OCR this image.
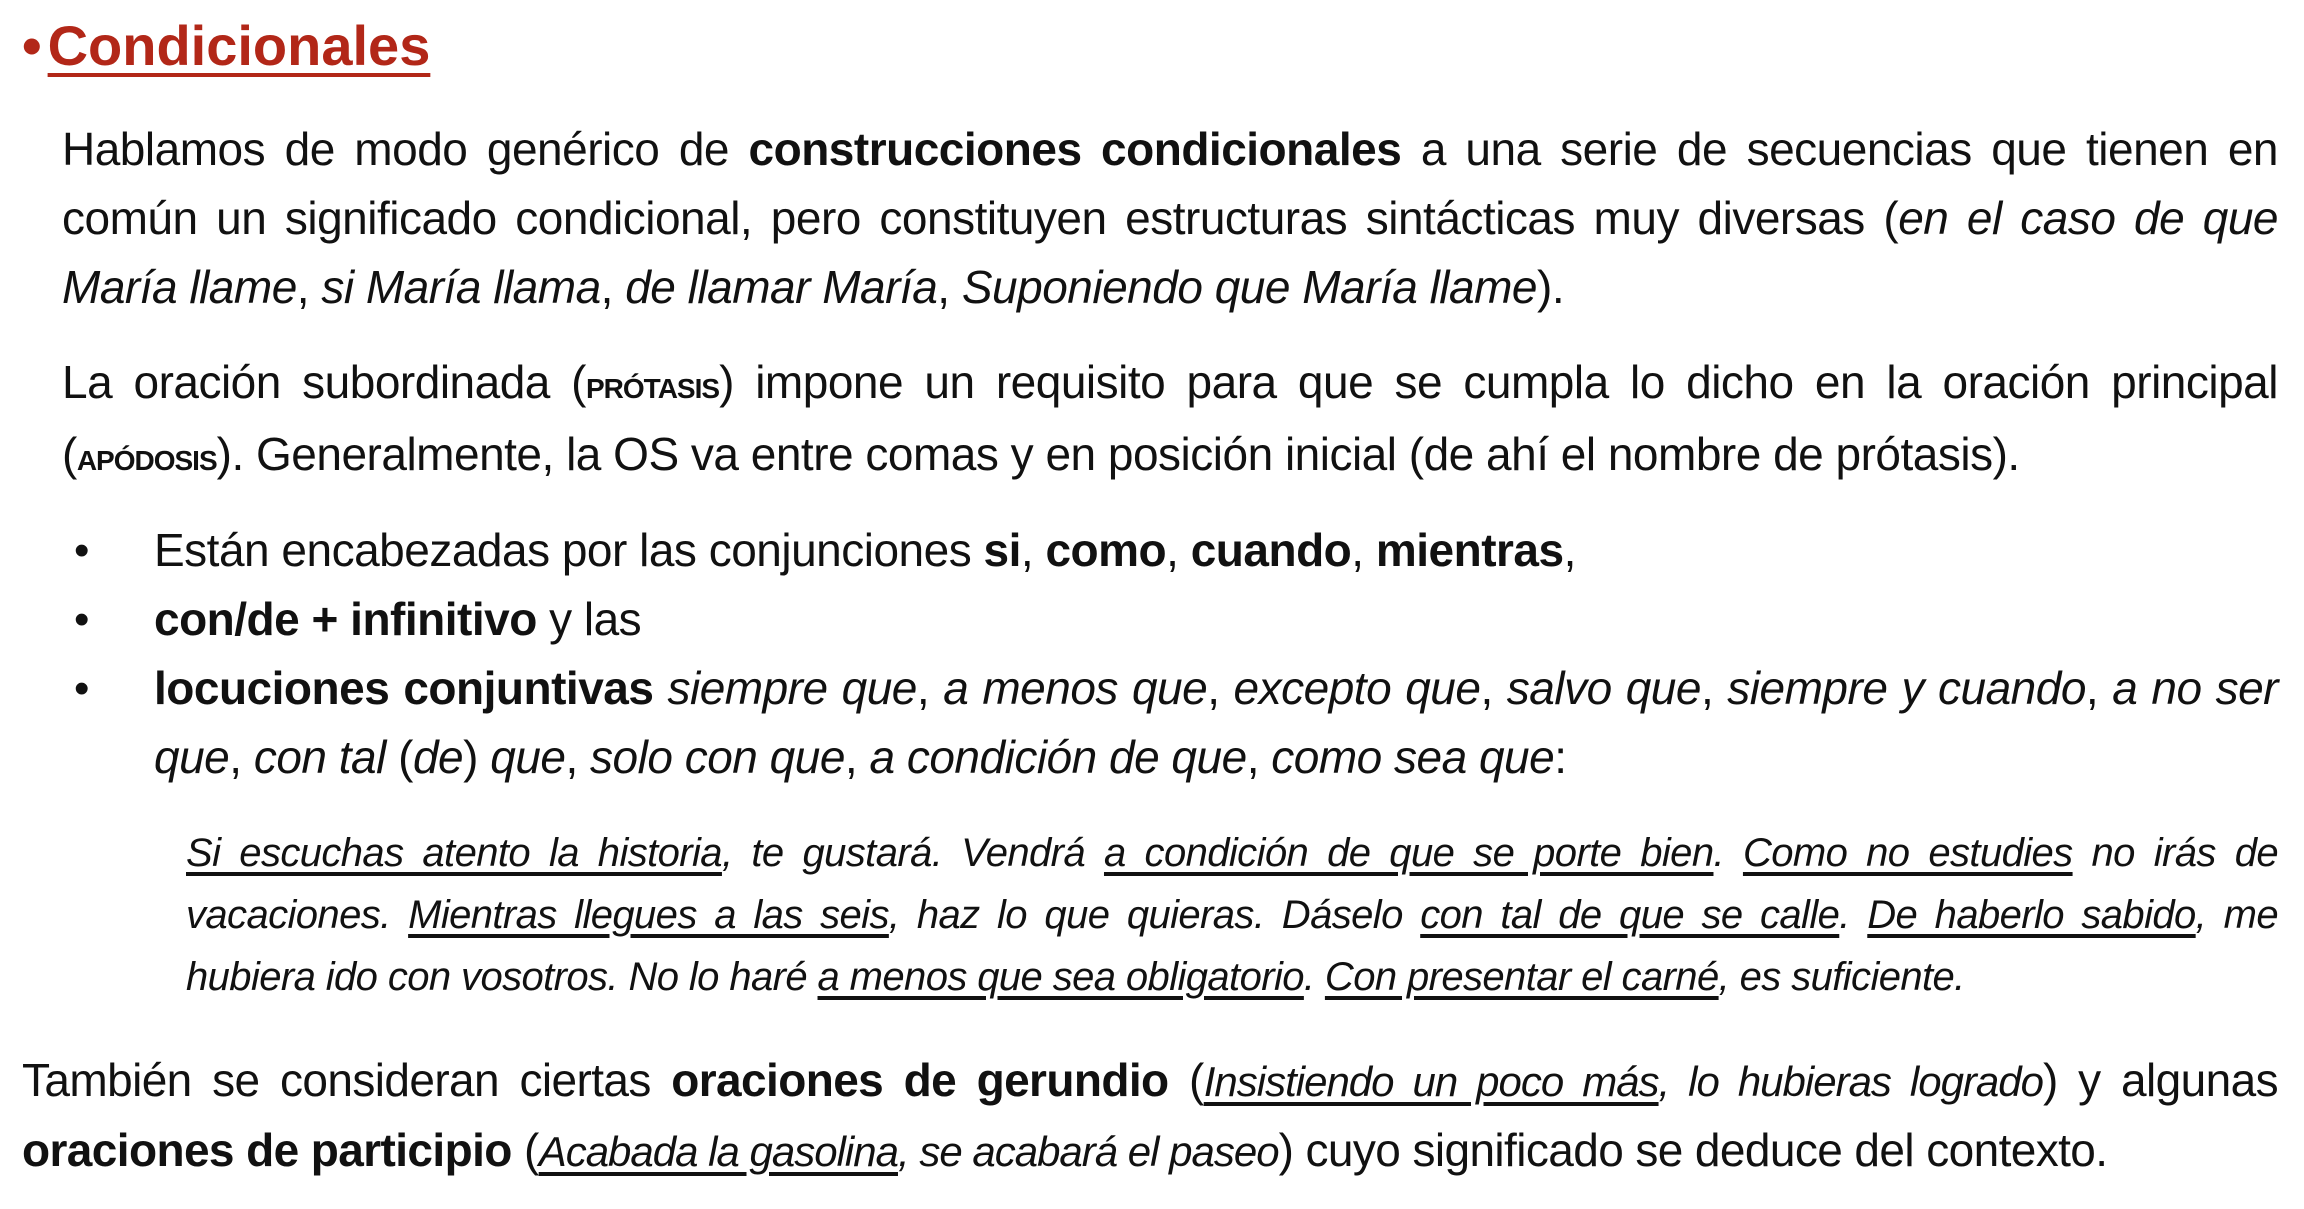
• Condicionales
Hablamos de modo genérico de construcciones condicionales a una serie de secuencias que tienen en común un significado condicional, pero constituyen estructuras sintácticas muy diversas (en el caso de que María llame, si María llama, de llamar María, Suponiendo que María llame).
La oración subordinada (prótasis) impone un requisito para que se cumpla lo dicho en la oración principal (apódosis). Generalmente, la OS va entre comas y en posición inicial (de ahí el nombre de prótasis).
• Están encabezadas por las conjunciones si, como, cuando, mientras,
• con/de + infinitivo y las
• locuciones conjuntivas siempre que, a menos que, excepto que, salvo que, siempre y cuando, a no ser que, con tal (de) que, solo con que, a condición de que, como sea que:
Si escuchas atento la historia, te gustará. Vendrá a condición de que se porte bien. Como no estudies no irás de vacaciones. Mientras llegues a las seis, haz lo que quieras. Dáselo con tal de que se calle. De haberlo sabido, me hubiera ido con vosotros. No lo haré a menos que sea obligatorio. Con presentar el carné, es suficiente.
También se consideran ciertas oraciones de gerundio (Insistiendo un poco más, lo hubieras logrado) y algunas oraciones de participio (Acabada la gasolina, se acabará el paseo) cuyo significado se deduce del contexto.
